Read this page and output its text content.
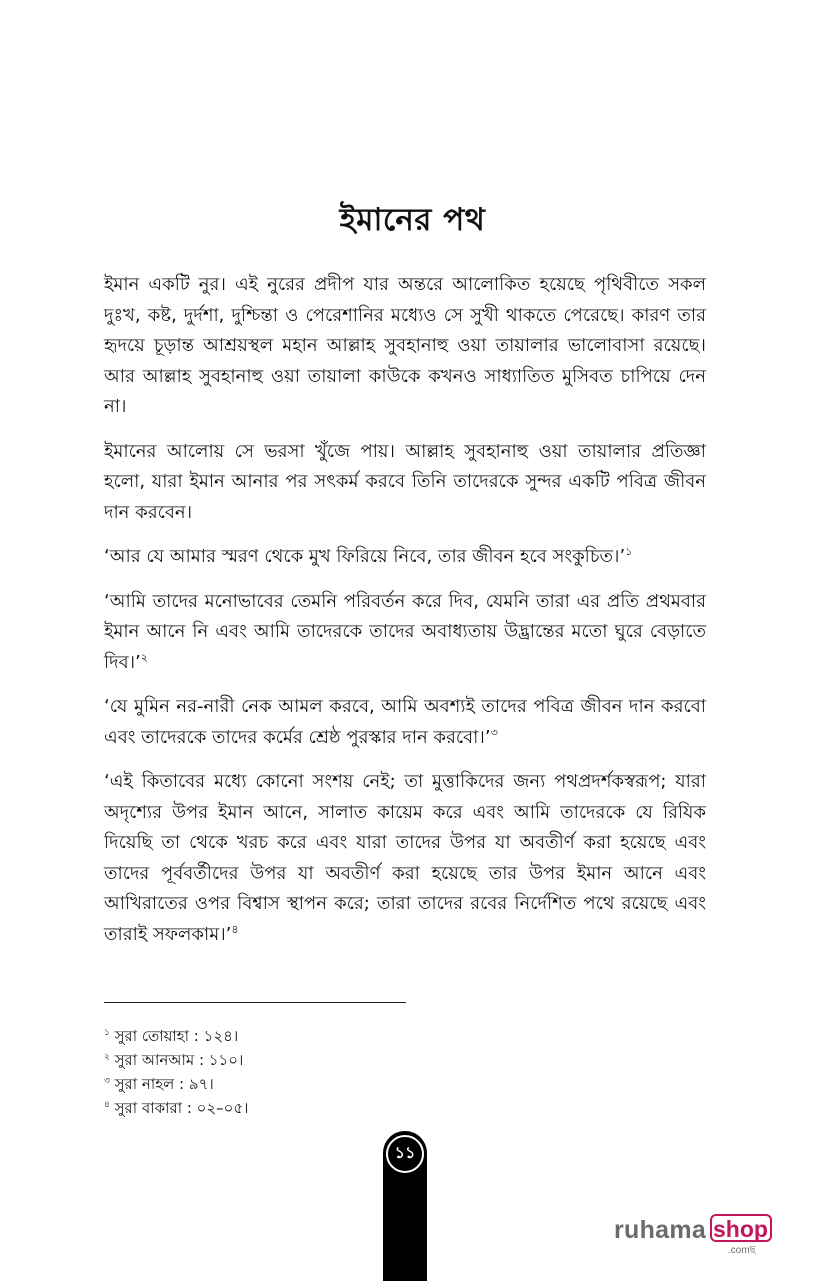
ইমানের পথ

ইমান একটি নুর। এই নুরের প্রদীপ যার অন্তরে আলোকিত হয়েছে পৃথিবীতে সকল দুঃখ, কষ্ট, দুর্দশা, দুশ্চিন্তা ও পেরেশানির মধ্যেও সে সুখী থাকতে পেরেছে। কারণ তার হৃদয়ে চূড়ান্ত আশ্রয়স্থল মহান আল্লাহ সুবহানাহু ওয়া তায়ালার ভালোবাসা রয়েছে। আর আল্লাহ সুবহানাহু ওয়া তায়ালা কাউকে কখনও সাধ্যাতিত মুসিবত চাপিয়ে দেন না।

ইমানের আলোয় সে ভরসা খুঁজে পায়। আল্লাহ সুবহানাহু ওয়া তায়ালার প্রতিজ্ঞা হলো, যারা ইমান আনার পর সৎকর্ম করবে তিনি তাদেরকে সুন্দর একটি পবিত্র জীবন দান করবেন।

‘আর যে আমার স্মরণ থেকে মুখ ফিরিয়ে নিবে, তার জীবন হবে সংকুচিত।’$^১$

‘আমি তাদের মনোভাবের তেমনি পরিবর্তন করে দিব, যেমনি তারা এর প্রতি প্রথমবার ইমান আনে নি এবং আমি তাদেরকে তাদের অবাধ্যতায় উদ্ভ্রান্তের মতো ঘুরে বেড়াতে দিব।’$^২$

‘যে মুমিন নর-নারী নেক আমল করবে, আমি অবশ্যই তাদের পবিত্র জীবন দান করবো এবং তাদেরকে তাদের কর্মের শ্রেষ্ঠ পুরস্কার দান করবো।’$^৩$

‘এই কিতাবের মধ্যে কোনো সংশয় নেই; তা মুত্তাকিদের জন্য পথপ্রদর্শকস্বরূপ; যারা অদৃশ্যের উপর ইমান আনে, সালাত কায়েম করে এবং আমি তাদেরকে যে রিযিক দিয়েছি তা থেকে খরচ করে এবং যারা তাদের উপর যা অবতীর্ণ করা হয়েছে এবং তাদের পূর্ববর্তীদের উপর যা অবতীর্ণ করা হয়েছে তার উপর ইমান আনে এবং আখিরাতের ওপর বিশ্বাস স্থাপন করে; তারা তাদের রবের নির্দেশিত পথে রয়েছে এবং তারাই সফলকাম।’$^৪$

$^১$ সুরা তোয়াহা : ১২৪।
$^২$ সুরা আনআম : ১১০।
$^৩$ সুরা নাহল : ৯৭।
$^৪$ সুরা বাকারা : ০২–০৫।
১১
ruhama shop
.comছ
